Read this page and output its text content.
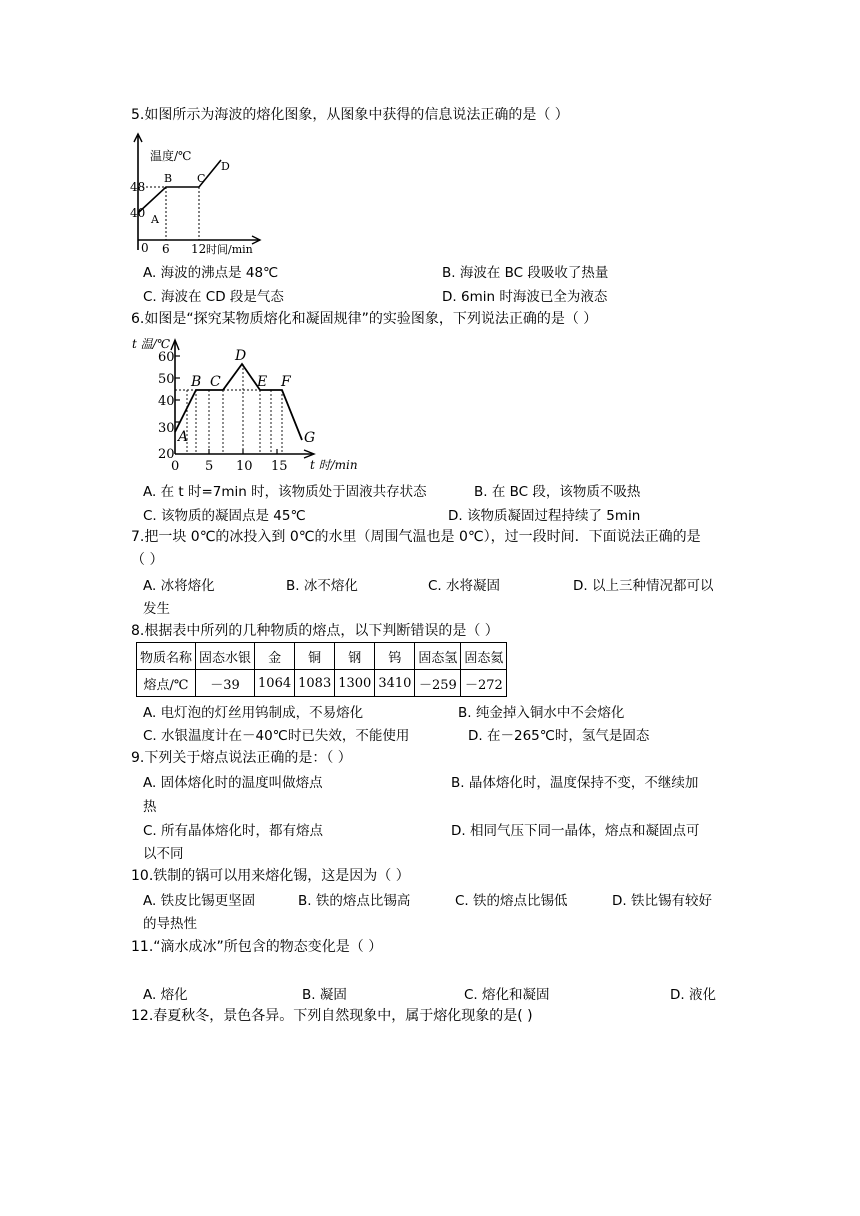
5.如图所示为海波的熔化图象，从图象中获得的信息说法正确的是（ ）
温度/℃
48
40
0 6 12 时间/min
A
B C
D
A. 海波的沸点是 48℃	B. 海波在 BC 段吸收了热量
C. 海波在 CD 段是气态	D. 6min 时海波已全为液态
6.如图是“探究某物质熔化和凝固规律”的实验图象，下列说法正确的是（ ）
t 温/℃
60
50
40
30
20
0 5 10 15 t 时/min
A
B C
D
E F
G
A. 在 t 时=7min 时，该物质处于固液共存状态	B. 在 BC 段，该物质不吸热
C. 该物质的凝固点是 45℃	D. 该物质凝固过程持续了 5min
7.把一块 0℃的冰投入到 0℃的水里（周围气温也是 0℃），过一段时间．下面说法正确的是
（ ）
A. 冰将熔化	B. 冰不熔化	C. 水将凝固	D. 以上三种情况都可以
发生
8.根据表中所列的几种物质的熔点，以下判断错误的是（ ）
物质名称	固态水银	金	铜	钢	钨	固态氢	固态氦
熔点/℃	－39	1064	1083	1300	3410	－259	－272
A. 电灯泡的灯丝用钨制成，不易熔化	B. 纯金掉入铜水中不会熔化
C. 水银温度计在－40℃时已失效，不能使用	D. 在－265℃时，氢气是固态
9.下列关于熔点说法正确的是：（ ）
A. 固体熔化时的温度叫做熔点	B. 晶体熔化时，温度保持不变，不继续加
热
C. 所有晶体熔化时，都有熔点	D. 相同气压下同一晶体，熔点和凝固点可
以不同
10.铁制的锅可以用来熔化锡，这是因为（ ）
A. 铁皮比锡更坚固	B. 铁的熔点比锡高	C. 铁的熔点比锡低	D. 铁比锡有较好
的导热性
11.“滴水成冰”所包含的物态变化是（ ）
A. 熔化	B. 凝固	C. 熔化和凝固	D. 液化
12.春夏秋冬，景色各异。下列自然现象中，属于熔化现象的是( )
